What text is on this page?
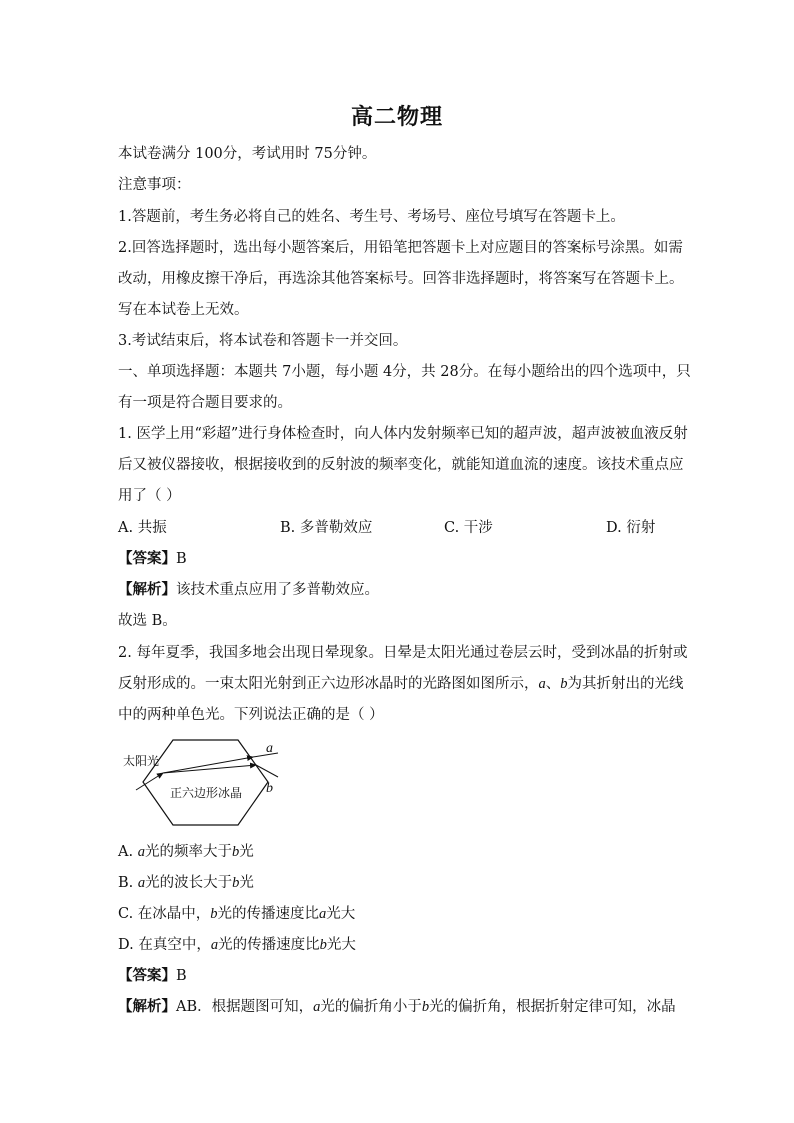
高二物理
本试卷满分 100分，考试用时 75分钟。
注意事项：
1.答题前，考生务必将自己的姓名、考生号、考场号、座位号填写在答题卡上。
2.回答选择题时，选出每小题答案后，用铅笔把答题卡上对应题目的答案标号涂黑。如需
改动，用橡皮擦干净后，再选涂其他答案标号。回答非选择题时，将答案写在答题卡上。
写在本试卷上无效。
3.考试结束后，将本试卷和答题卡一并交回。
一、单项选择题：本题共 7小题，每小题 4分，共 28分。在每小题给出的四个选项中，只
有一项是符合题目要求的。
1. 医学上用“彩超”进行身体检查时，向人体内发射频率已知的超声波，超声波被血液反射
后又被仪器接收，根据接收到的反射波的频率变化，就能知道血流的速度。该技术重点应
用了（ ）
A. 共振	B. 多普勒效应	C. 干涉	D. 衍射
【答案】B
【解析】该技术重点应用了多普勒效应。
故选 B。
2. 每年夏季，我国多地会出现日晕现象。日晕是太阳光通过卷层云时，受到冰晶的折射或
反射形成的。一束太阳光射到正六边形冰晶时的光路图如图所示，a、b为其折射出的光线
中的两种单色光。下列说法正确的是（ ）
太阳光
正六边形冰晶
a
b
A. a光的频率大于b光
B. a光的波长大于b光
C. 在冰晶中，b光的传播速度比a光大
D. 在真空中，a光的传播速度比b光大
【答案】B
【解析】AB．根据题图可知，a光的偏折角小于b光的偏折角，根据折射定律可知，冰晶
